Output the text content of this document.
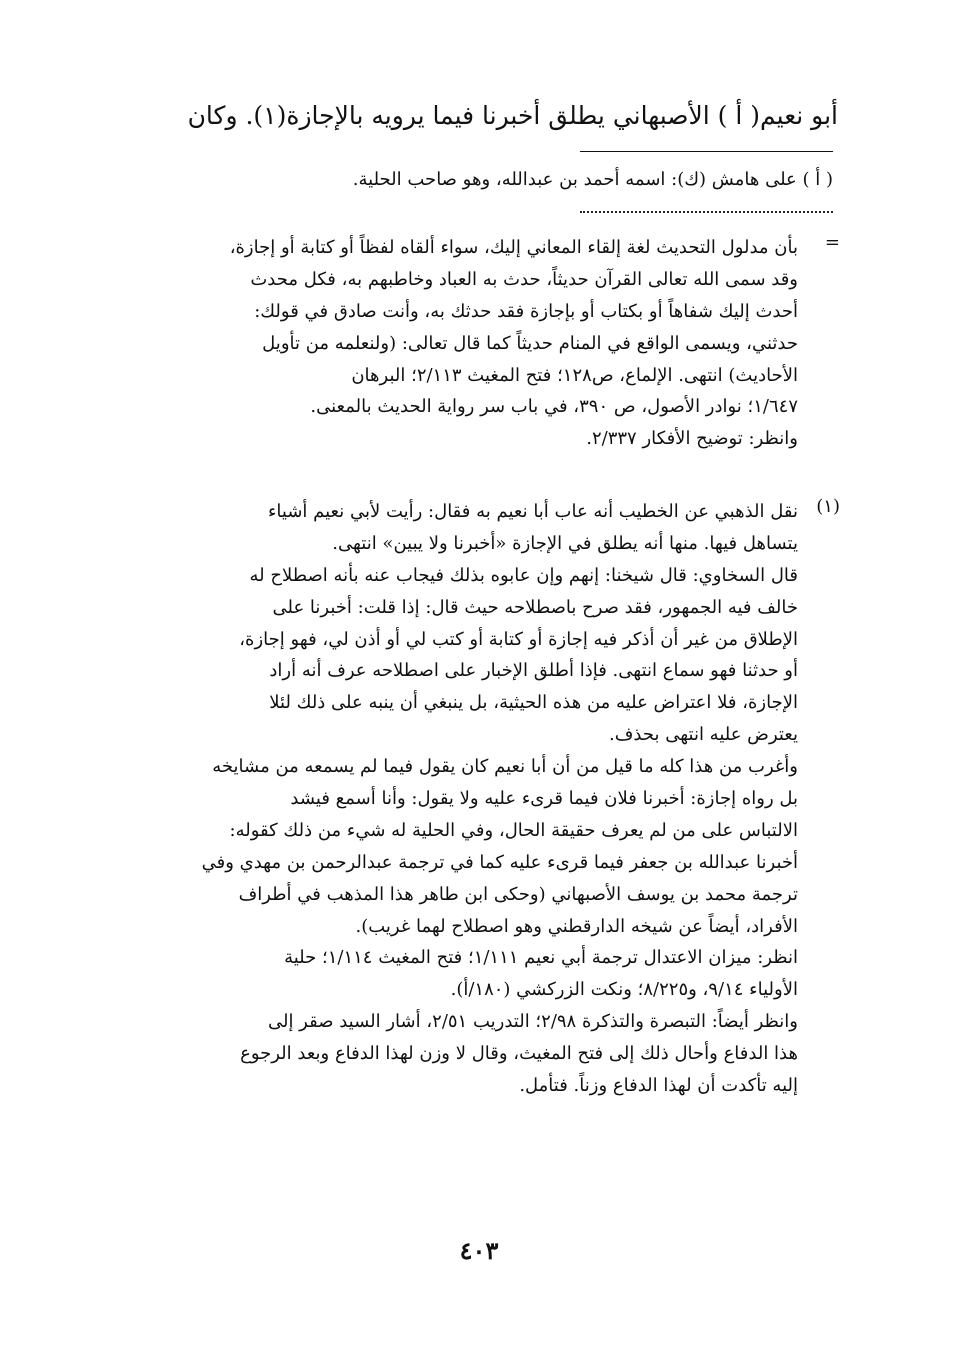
أبو نعيم( أ ) الأصبهاني يطلق أخبرنا فيما يرويه بالإجازة(١). وكان
( أ ) على هامش (ك): اسمه أحمد بن عبدالله، وهو صاحب الحلية.
=
بأن مدلول التحديث لغة إلقاء المعاني إليك، سواء ألقاه لفظاً أو كتابة أو إجازة،
وقد سمى الله تعالى القرآن حديثاً، حدث به العباد وخاطبهم به، فكل محدث
أحدث إليك شفاهاً أو بكتاب أو بإجازة فقد حدثك به، وأنت صادق في قولك:
حدثني، ويسمى الواقع في المنام حديثاً كما قال تعالى: (ولنعلمه من تأويل
الأحاديث) انتهى. الإلماع، ص١٢٨؛ فتح المغيث ٢/١١٣؛ البرهان
١/٦٤٧؛ نوادر الأصول، ص ٣٩٠، في باب سر رواية الحديث بالمعنى.
وانظر: توضيح الأفكار ٢/٣٣٧.
(١)
نقل الذهبي عن الخطيب أنه عاب أبا نعيم به فقال: رأيت لأبي نعيم أشياء
يتساهل فيها. منها أنه يطلق في الإجازة «أخبرنا ولا يبين» انتهى.
قال السخاوي: قال شيخنا: إنهم وإن عابوه بذلك فيجاب عنه بأنه اصطلاح له
خالف فيه الجمهور، فقد صرح باصطلاحه حيث قال: إذا قلت: أخبرنا على
الإطلاق من غير أن أذكر فيه إجازة أو كتابة أو كتب لي أو أذن لي، فهو إجازة،
أو حدثنا فهو سماع انتهى. فإذا أطلق الإخبار على اصطلاحه عرف أنه أراد
الإجازة، فلا اعتراض عليه من هذه الحيثية، بل ينبغي أن ينبه على ذلك لئلا
يعترض عليه انتهى بحذف.
وأغرب من هذا كله ما قيل من أن أبا نعيم كان يقول فيما لم يسمعه من مشايخه
بل رواه إجازة: أخبرنا فلان فيما قرىء عليه ولا يقول: وأنا أسمع فيشد
الالتباس على من لم يعرف حقيقة الحال، وفي الحلية له شيء من ذلك كقوله:
أخبرنا عبدالله بن جعفر فيما قرىء عليه كما في ترجمة عبدالرحمن بن مهدي وفي
ترجمة محمد بن يوسف الأصبهاني (وحكى ابن طاهر هذا المذهب في أطراف
الأفراد، أيضاً عن شيخه الدارقطني وهو اصطلاح لهما غريب).
انظر: ميزان الاعتدال ترجمة أبي نعيم ١/١١١؛ فتح المغيث ١/١١٤؛ حلية
الأولياء ٩/١٤، و٨/٢٢٥؛ ونكت الزركشي (١٨٠/أ).
وانظر أيضاً: التبصرة والتذكرة ٢/٩٨؛ التدريب ٢/٥١، أشار السيد صقر إلى
هذا الدفاع وأحال ذلك إلى فتح المغيث، وقال لا وزن لهذا الدفاع وبعد الرجوع
إليه تأكدت أن لهذا الدفاع وزناً. فتأمل.
٤٠٣
